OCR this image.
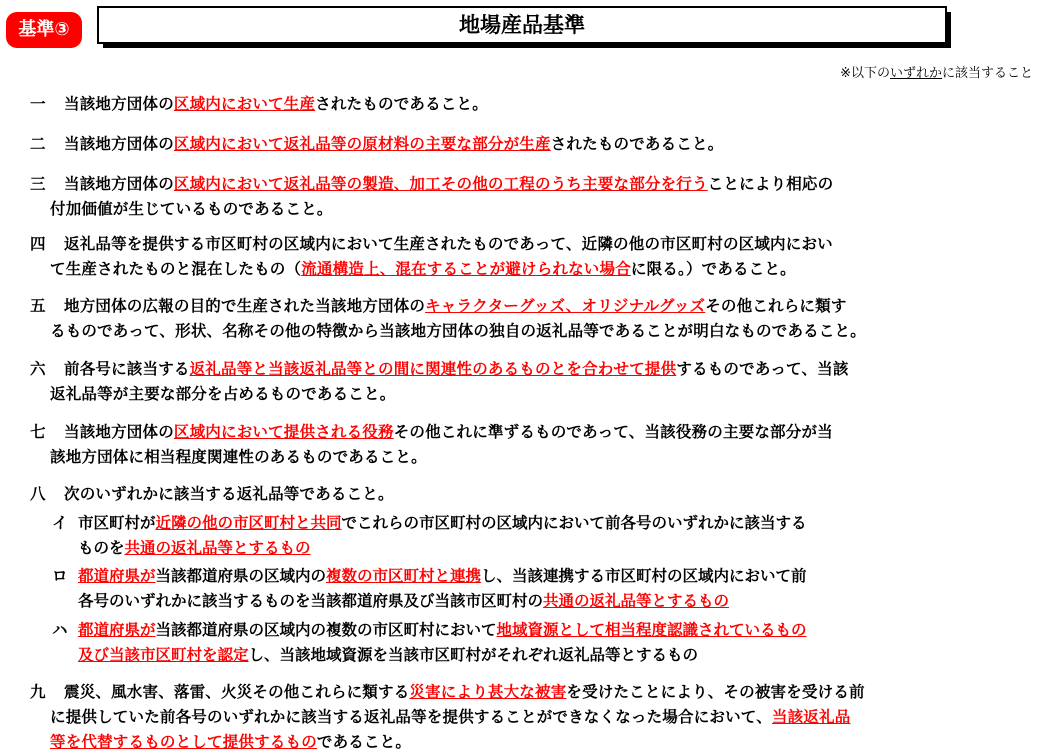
基準③	地場産品基準
※以下のいずれかに該当すること
一 当該地方団体の区域内において生産されたものであること。
二 当該地方団体の区域内において返礼品等の原材料の主要な部分が生産されたものであること。
三 当該地方団体の区域内において返礼品等の製造、加工その他の工程のうち主要な部分を行うことにより相応の
付加価値が生じているものであること。
四 返礼品等を提供する市区町村の区域内において生産されたものであって、近隣の他の市区町村の区域内におい
て生産されたものと混在したもの（流通構造上、混在することが避けられない場合に限る。）であること。
五 地方団体の広報の目的で生産された当該地方団体のキャラクターグッズ、オリジナルグッズその他これらに類す
るものであって、形状、名称その他の特徴から当該地方団体の独自の返礼品等であることが明白なものであること。
六 前各号に該当する返礼品等と当該返礼品等との間に関連性のあるものとを合わせて提供するものであって、当該
返礼品等が主要な部分を占めるものであること。
七 当該地方団体の区域内において提供される役務その他これに準ずるものであって、当該役務の主要な部分が当
該地方団体に相当程度関連性のあるものであること。
八 次のいずれかに該当する返礼品等であること。
イ 市区町村が近隣の他の市区町村と共同でこれらの市区町村の区域内において前各号のいずれかに該当する
ものを共通の返礼品等とするもの
ロ 都道府県が当該都道府県の区域内の複数の市区町村と連携し、当該連携する市区町村の区域内において前
各号のいずれかに該当するものを当該都道府県及び当該市区町村の共通の返礼品等とするもの
ハ 都道府県が当該都道府県の区域内の複数の市区町村において地域資源として相当程度認識されているもの
及び当該市区町村を認定し、当該地域資源を当該市区町村がそれぞれ返礼品等とするもの
九 震災、風水害、落雷、火災その他これらに類する災害により甚大な被害を受けたことにより、その被害を受ける前
に提供していた前各号のいずれかに該当する返礼品等を提供することができなくなった場合において、当該返礼品
等を代替するものとして提供するものであること。
